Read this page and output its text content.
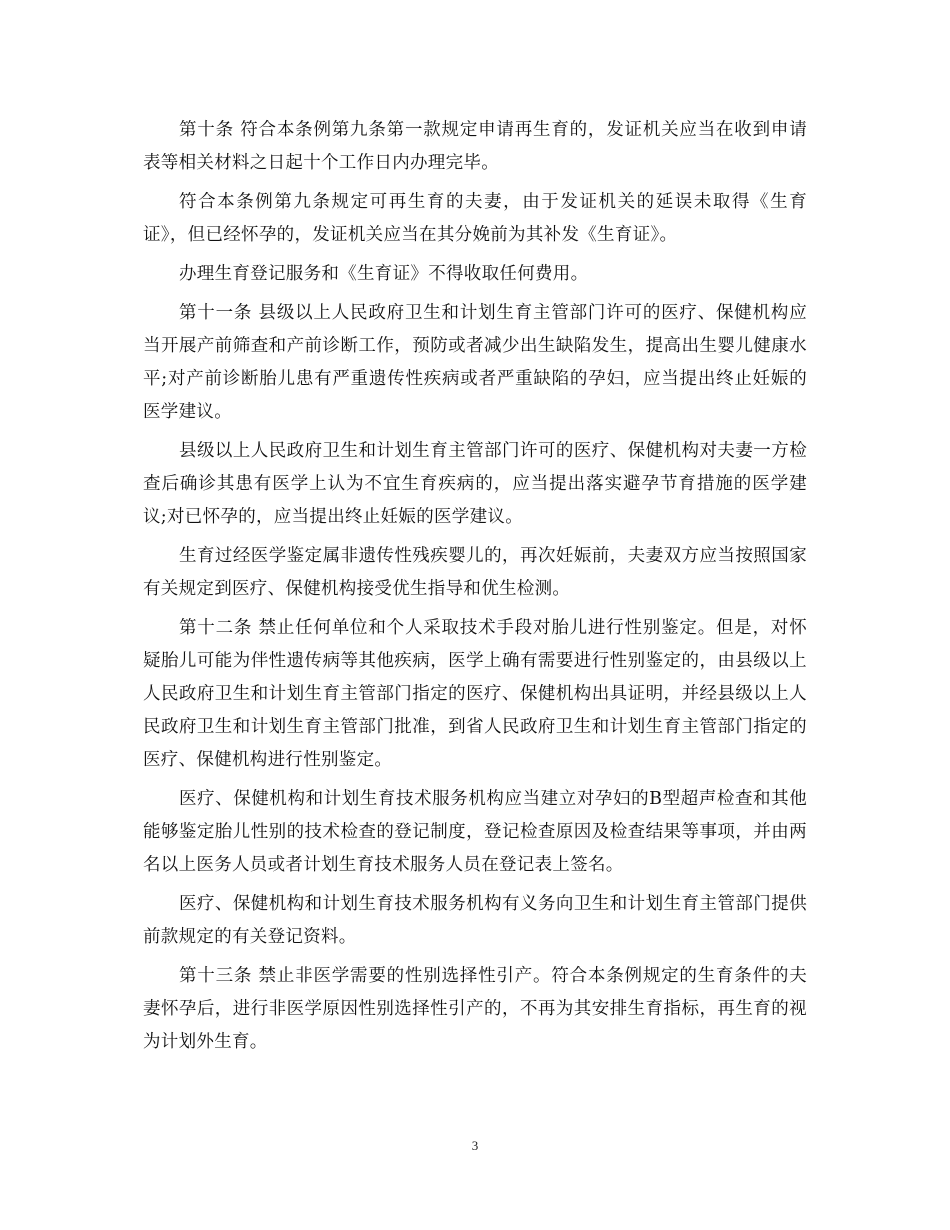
第十条 符合本条例第九条第一款规定申请再生育的，发证机关应当在收到申请表等相关材料之日起十个工作日内办理完毕。

符合本条例第九条规定可再生育的夫妻，由于发证机关的延误未取得《生育证》，但已经怀孕的，发证机关应当在其分娩前为其补发《生育证》。

办理生育登记服务和《生育证》不得收取任何费用。

第十一条 县级以上人民政府卫生和计划生育主管部门许可的医疗、保健机构应当开展产前筛查和产前诊断工作，预防或者减少出生缺陷发生，提高出生婴儿健康水平;对产前诊断胎儿患有严重遗传性疾病或者严重缺陷的孕妇，应当提出终止妊娠的医学建议。

县级以上人民政府卫生和计划生育主管部门许可的医疗、保健机构对夫妻一方检查后确诊其患有医学上认为不宜生育疾病的，应当提出落实避孕节育措施的医学建议;对已怀孕的，应当提出终止妊娠的医学建议。

生育过经医学鉴定属非遗传性残疾婴儿的，再次妊娠前，夫妻双方应当按照国家有关规定到医疗、保健机构接受优生指导和优生检测。

第十二条 禁止任何单位和个人采取技术手段对胎儿进行性别鉴定。但是，对怀疑胎儿可能为伴性遗传病等其他疾病，医学上确有需要进行性别鉴定的，由县级以上人民政府卫生和计划生育主管部门指定的医疗、保健机构出具证明，并经县级以上人民政府卫生和计划生育主管部门批准，到省人民政府卫生和计划生育主管部门指定的医疗、保健机构进行性别鉴定。

医疗、保健机构和计划生育技术服务机构应当建立对孕妇的B型超声检查和其他能够鉴定胎儿性别的技术检查的登记制度，登记检查原因及检查结果等事项，并由两名以上医务人员或者计划生育技术服务人员在登记表上签名。

医疗、保健机构和计划生育技术服务机构有义务向卫生和计划生育主管部门提供前款规定的有关登记资料。

第十三条 禁止非医学需要的性别选择性引产。符合本条例规定的生育条件的夫妻怀孕后，进行非医学原因性别选择性引产的，不再为其安排生育指标，再生育的视为计划外生育。

3
